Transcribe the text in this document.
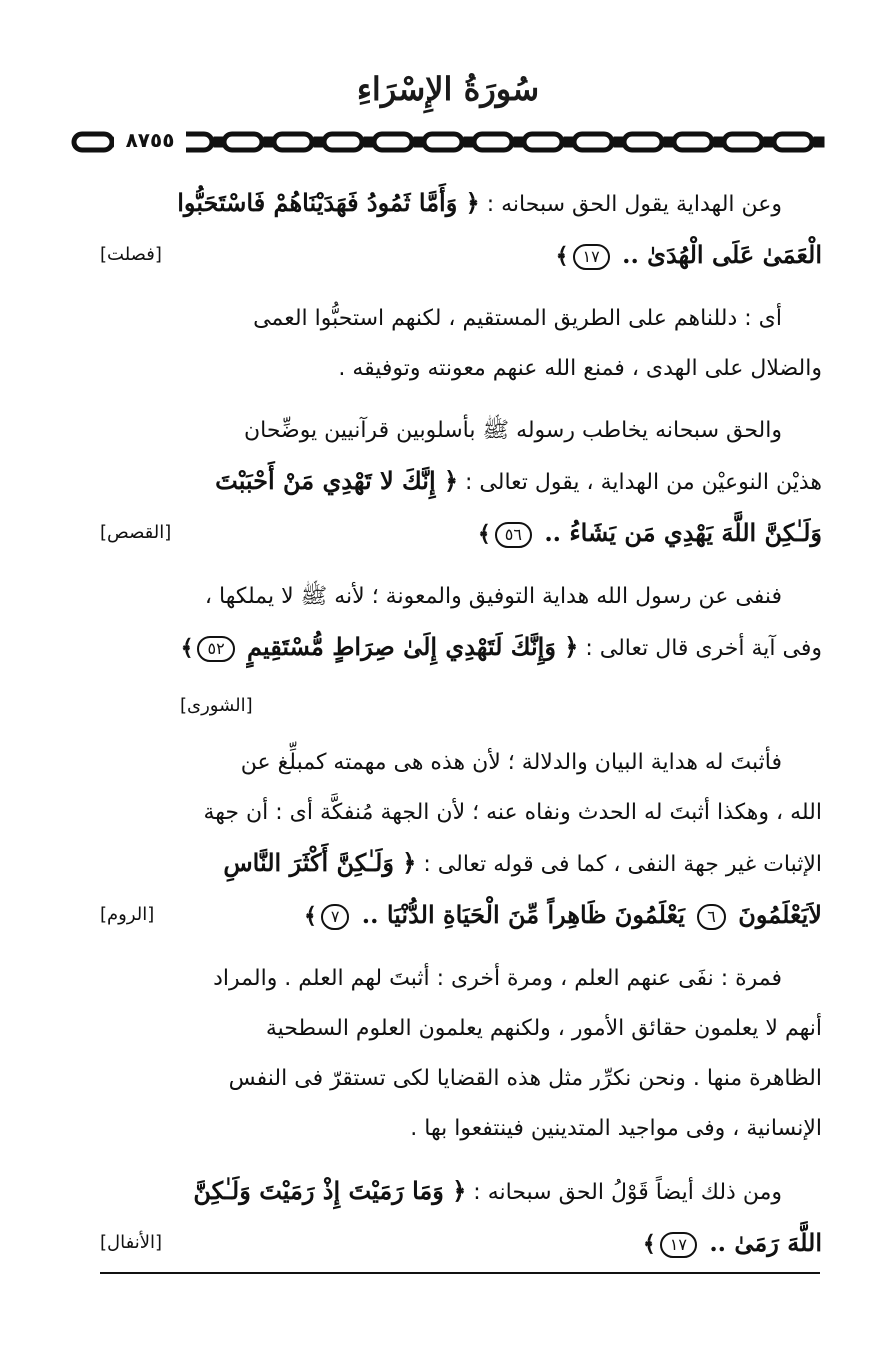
سُورَةُ الإِسْرَاءِ
٨٧٥٥
وعن الهداية يقول الحق سبحانه : ﴿ وَأَمَّا ثَمُودُ فَهَدَيْنَاهُمْ فَاسْتَحَبُّوا
الْعَمَىٰ عَلَى الْهُدَىٰ .. ١٧﴾
[فصلت]
أى : دللناهم على الطريق المستقيم ، لكنهم استحبُّوا العمى
والضلال على الهدى ، فمنع الله عنهم معونته وتوفيقه .
والحق سبحانه يخاطب رسوله ﷺ بأسلوبين قرآنيين يوضِّحان
هذيْن النوعيْن من الهداية ، يقول تعالى : ﴿ إِنَّكَ لا تَهْدِي مَنْ أَحْبَبْتَ
وَلَـٰكِنَّ اللَّهَ يَهْدِي مَن يَشَاءُ .. ٥٦﴾
[القصص]
فنفى عن رسول الله هداية التوفيق والمعونة ؛ لأنه ﷺ لا يملكها ،
وفى آية أخرى قال تعالى : ﴿ وَإِنَّكَ لَتَهْدِي إِلَىٰ صِرَاطٍ مُّسْتَقِيمٍ ٥٢﴾
[الشورى]
فأثبتَ له هداية البيان والدلالة ؛ لأن هذه هى مهمته كمبلِّغ عن
الله ، وهكذا أثبتَ له الحدث ونفاه عنه ؛ لأن الجهة مُنفكَّة أى : أن جهة
الإثبات غير جهة النفى ، كما فى قوله تعالى : ﴿ وَلَـٰكِنَّ أَكْثَرَ النَّاسِ
لاَيَعْلَمُونَ ٦ يَعْلَمُونَ ظَاهِراً مِّنَ الْحَيَاةِ الدُّنْيَا .. ٧﴾
[الروم]
فمرة : نفَى عنهم العلم ، ومرة أخرى : أثبتَ لهم العلم . والمراد
أنهم لا يعلمون حقائق الأمور ، ولكنهم يعلمون العلوم السطحية
الظاهرة منها . ونحن نكرِّر مثل هذه القضايا لكى تستقرّ فى النفس
الإنسانية ، وفى مواجيد المتدينين فينتفعوا بها .
ومن ذلك أيضاً قَوْلُ الحق سبحانه : ﴿ وَمَا رَمَيْتَ إِذْ رَمَيْتَ وَلَـٰكِنَّ
اللَّهَ رَمَىٰ .. ١٧﴾
[الأنفال]
